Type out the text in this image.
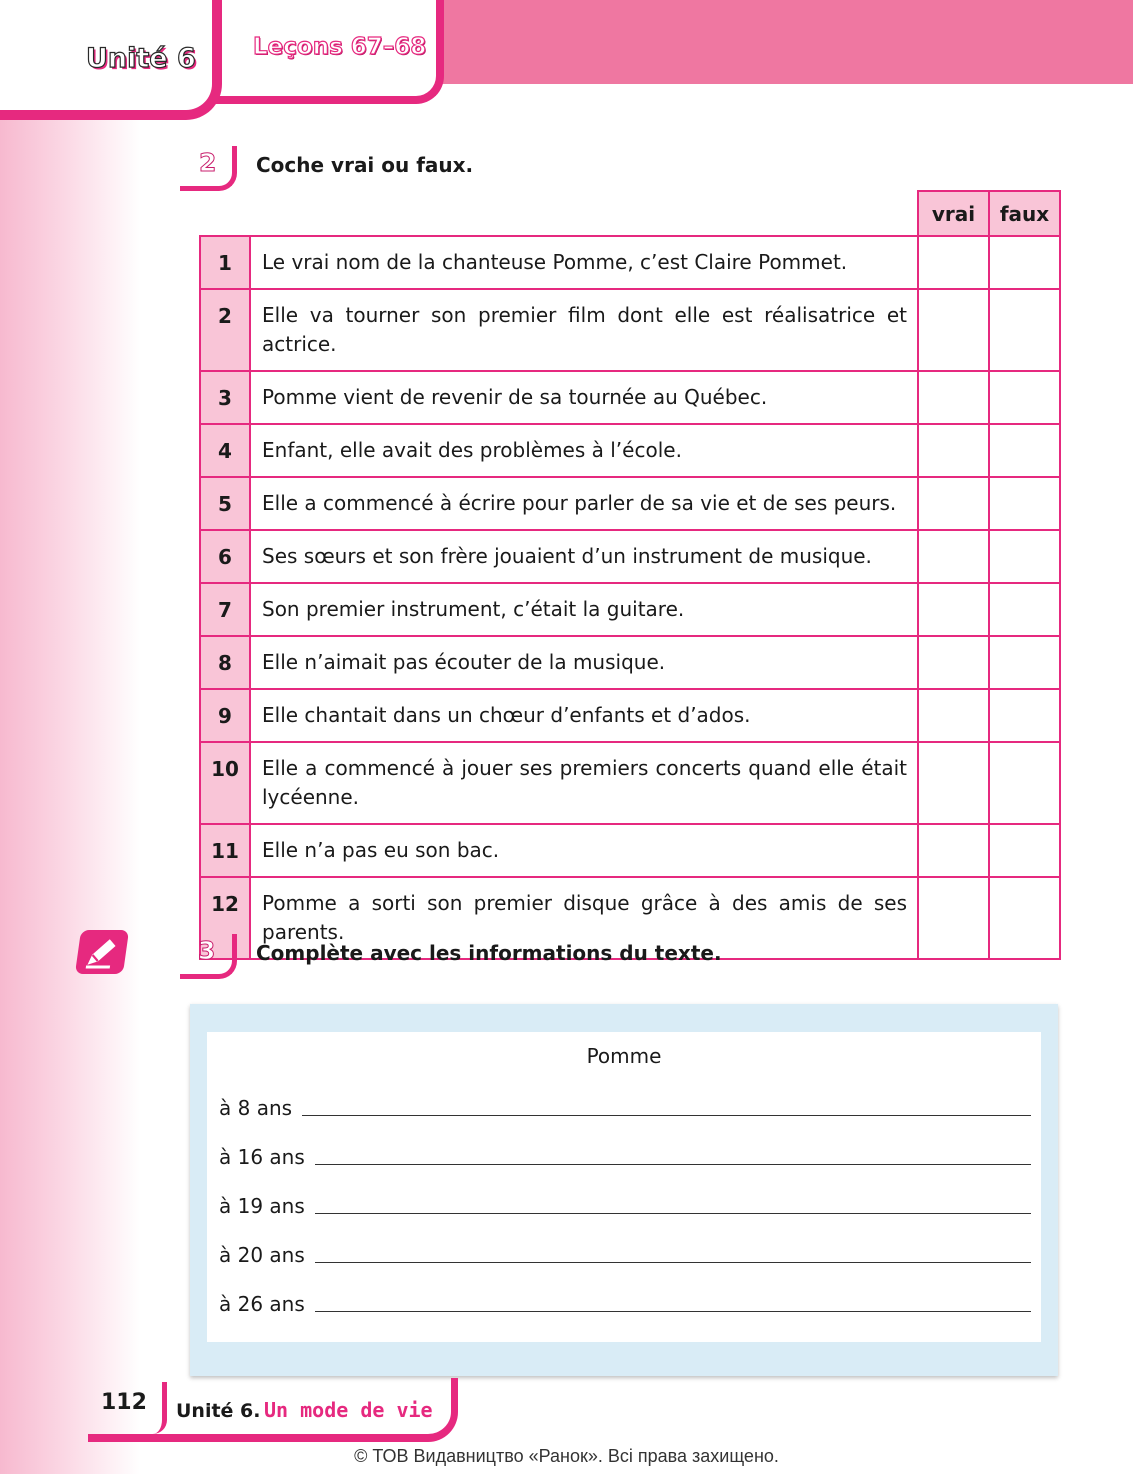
Unité 6 Leçons 67–68
2 Coche vrai ou faux.
		vrai	faux
1	Le vrai nom de la chanteuse Pomme, c’est Claire Pommet.		
2	Elle va tourner son premier film dont elle est réalisatrice et actrice.		
3	Pomme vient de revenir de sa tournée au Québec.		
4	Enfant, elle avait des problèmes à l’école.		
5	Elle a commencé à écrire pour parler de sa vie et de ses peurs.		
6	Ses sœurs et son frère jouaient d’un instrument de musique.		
7	Son premier instrument, c’était la guitare.		
8	Elle n’aimait pas écouter de la musique.		
9	Elle chantait dans un chœur d’enfants et d’ados.		
10	Elle a commencé à jouer ses premiers concerts quand elle était lycéenne.		
11	Elle n’a pas eu son bac.		
12	Pomme a sorti son premier disque grâce à des amis de ses parents.		
3 Complète avec les informations du texte.
Pomme
à 8 ans
à 16 ans
à 19 ans
à 20 ans
à 26 ans
112 Unité 6. Un mode de vie
© ТОВ Видавництво «Ранок». Всі права захищено.
